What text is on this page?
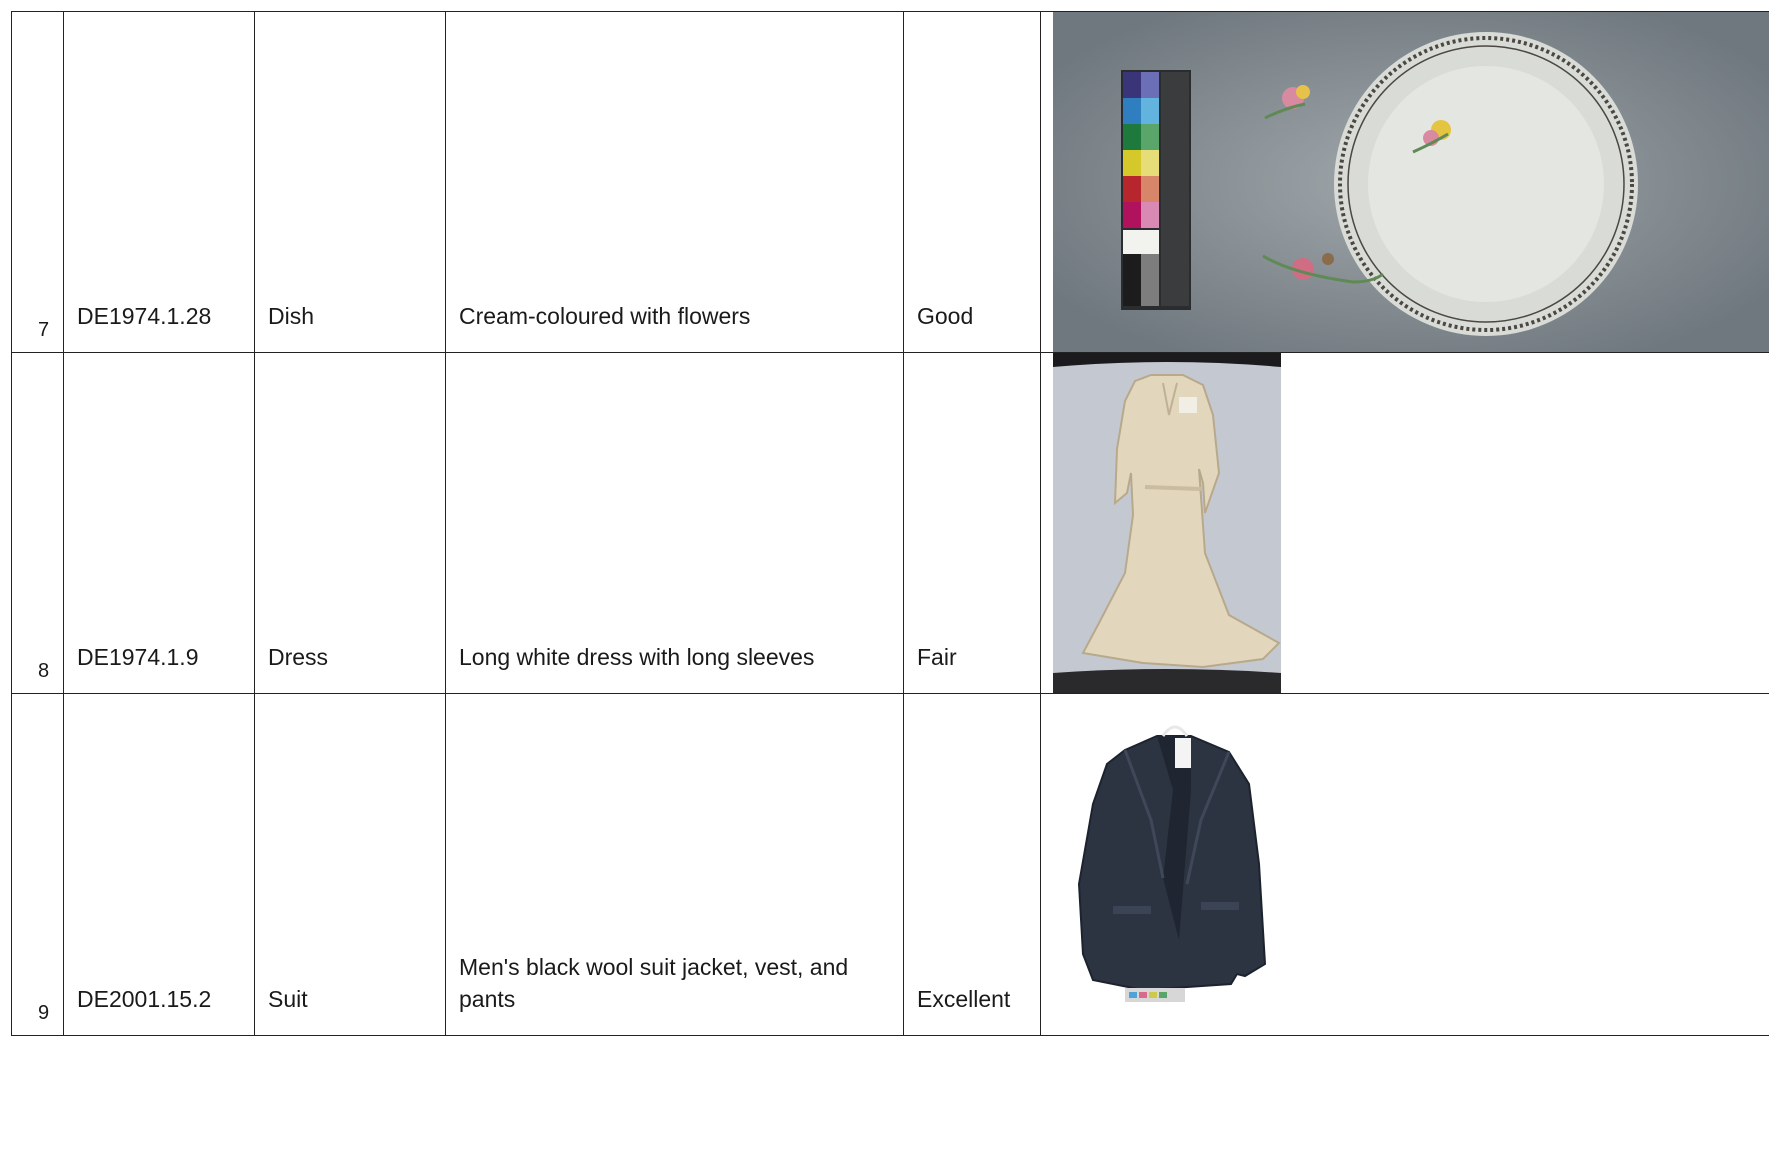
7	DE1974.1.28	Dish	Cream-coloured with flowers	Good	

8	DE1974.1.9	Dress	Long white dress with long sleeves	Fair	

9	DE2001.15.2	Suit	Men's black wool suit jacket, vest, and pants	Excellent	
